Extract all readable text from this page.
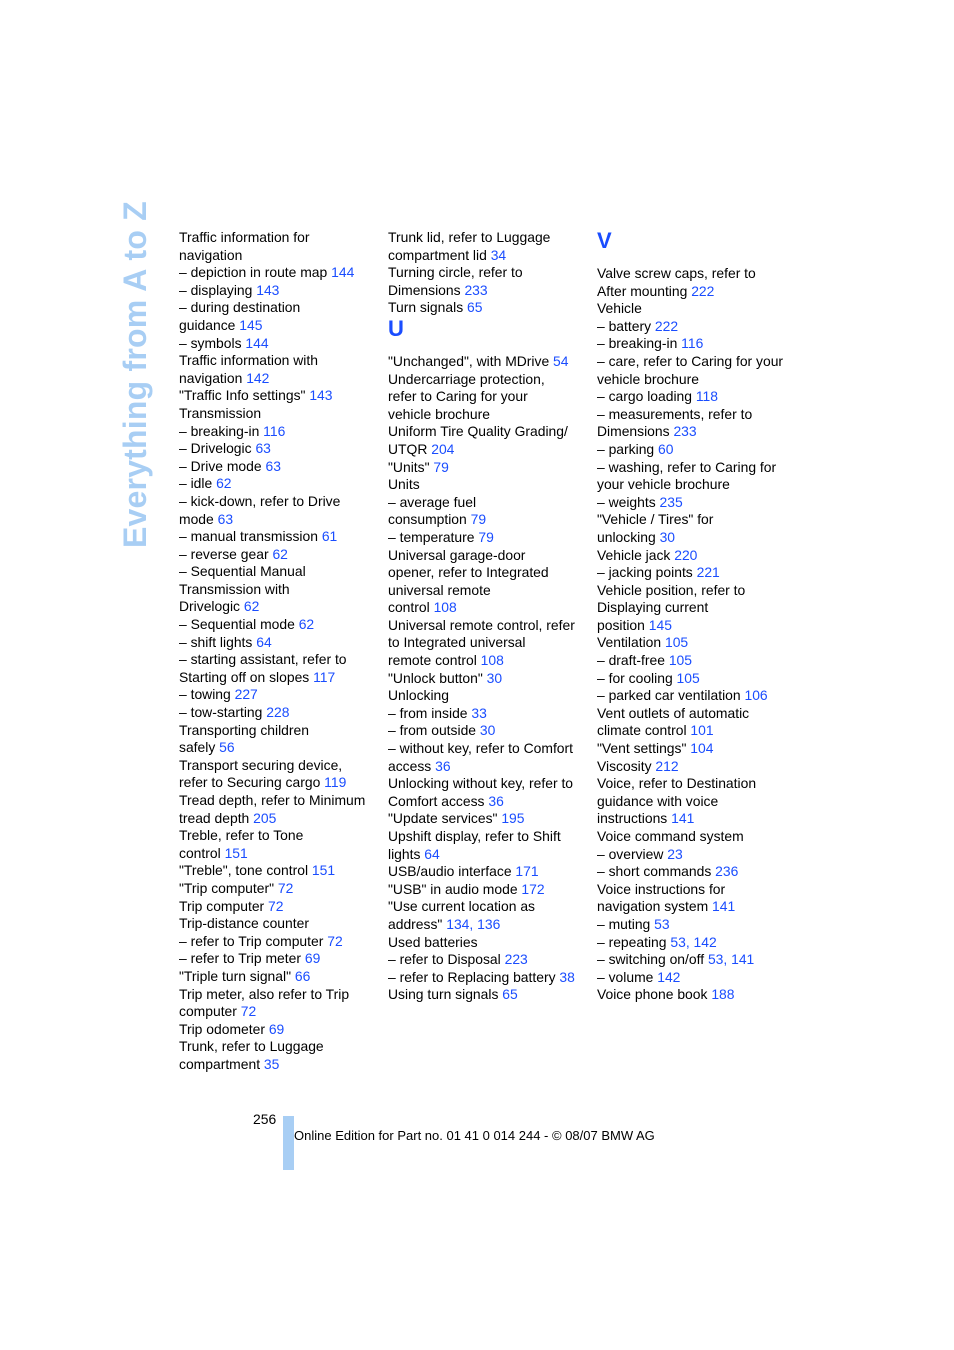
Everything from A to Z Traffic information for
navigation
– depiction in route map 144
– displaying 143
– during destination
guidance 145
– symbols 144
Traffic information with
navigation 142
"Traffic Info settings" 143
Transmission
– breaking-in 116
– Drivelogic 63
– Drive mode 63
– idle 62
– kick-down, refer to Drive
mode 63
– manual transmission 61
– reverse gear 62
– Sequential Manual
Transmission with
Drivelogic 62
– Sequential mode 62
– shift lights 64
– starting assistant, refer to
Starting off on slopes 117
– towing 227
– tow-starting 228
Transporting children
safely 56
Transport securing device,
refer to Securing cargo 119
Tread depth, refer to Minimum
tread depth 205
Treble, refer to Tone
control 151
"Treble", tone control 151
"Trip computer" 72
Trip computer 72
Trip-distance counter
– refer to Trip computer 72
– refer to Trip meter 69
"Triple turn signal" 66
Trip meter, also refer to Trip
computer 72
Trip odometer 69
Trunk, refer to Luggage
compartment 35
Trunk lid, refer to Luggage
compartment lid 34
Turning circle, refer to
Dimensions 233
Turn signals 65
U
"Unchanged", with MDrive 54
Undercarriage protection,
refer to Caring for your
vehicle brochure
Uniform Tire Quality Grading/
UTQR 204
"Units" 79
Units
– average fuel
consumption 79
– temperature 79
Universal garage-door
opener, refer to Integrated
universal remote
control 108
Universal remote control, refer
to Integrated universal
remote control 108
"Unlock button" 30
Unlocking
– from inside 33
– from outside 30
– without key, refer to Comfort
access 36
Unlocking without key, refer to
Comfort access 36
"Update services" 195
Upshift display, refer to Shift
lights 64
USB/audio interface 171
"USB" in audio mode 172
"Use current location as
address" 134, 136
Used batteries
– refer to Disposal 223
– refer to Replacing battery 38
Using turn signals 65
V
Valve screw caps, refer to
After mounting 222
Vehicle
– battery 222
– breaking-in 116
– care, refer to Caring for your
vehicle brochure
– cargo loading 118
– measurements, refer to
Dimensions 233
– parking 60
– washing, refer to Caring for
your vehicle brochure
– weights 235
"Vehicle / Tires" for
unlocking 30
Vehicle jack 220
– jacking points 221
Vehicle position, refer to
Displaying current
position 145
Ventilation 105
– draft-free 105
– for cooling 105
– parked car ventilation 106
Vent outlets of automatic
climate control 101
"Vent settings" 104
Viscosity 212
Voice, refer to Destination
guidance with voice
instructions 141
Voice command system
– overview 23
– short commands 236
Voice instructions for
navigation system 141
– muting 53
– repeating 53, 142
– switching on/off 53, 141
– volume 142
Voice phone book 188
256
Online Edition for Part no. 01 41 0 014 244 - © 08/07 BMW AG
